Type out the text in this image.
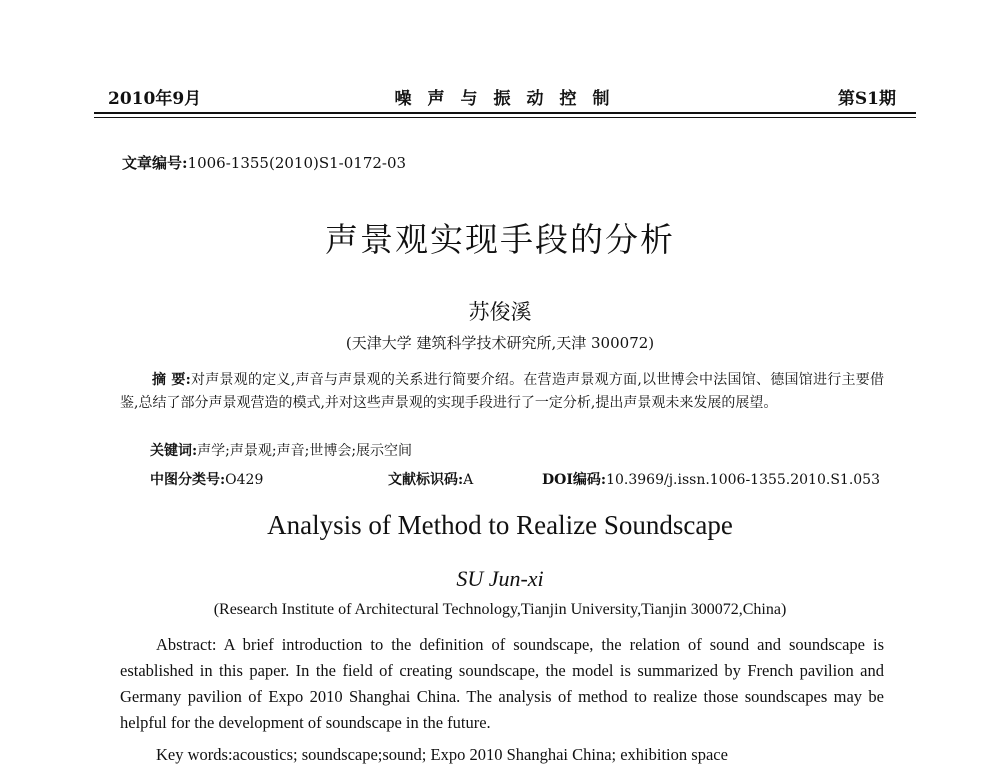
2010年9月	噪声与振动控制	第S1期
文章编号:1006-1355(2010)S1-0172-03
声景观实现手段的分析
苏俊溪
(天津大学 建筑科学技术研究所,天津 300072)
摘 要:对声景观的定义,声音与声景观的关系进行简要介绍。在营造声景观方面,以世博会中法国馆、德国馆进行主要借鉴,总结了部分声景观营造的模式,并对这些声景观的实现手段进行了一定分析,提出声景观未来发展的展望。
关键词:声学;声景观;声音;世博会;展示空间
中图分类号:O429	文献标识码:A	DOI编码:10.3969/j.issn.1006-1355.2010.S1.053
Analysis of Method to Realize Soundscape
SU Jun-xi
(Research Institute of Architectural Technology,Tianjin University,Tianjin 300072,China)
Abstract: A brief introduction to the definition of soundscape, the relation of sound and soundscape is established in this paper. In the field of creating soundscape, the model is summarized by French pavilion and Germany pavilion of Expo 2010 Shanghai China. The analysis of method to realize those soundscapes may be helpful for the development of soundscape in the future.
Key words:acoustics; soundscape;sound; Expo 2010 Shanghai China; exhibition space
